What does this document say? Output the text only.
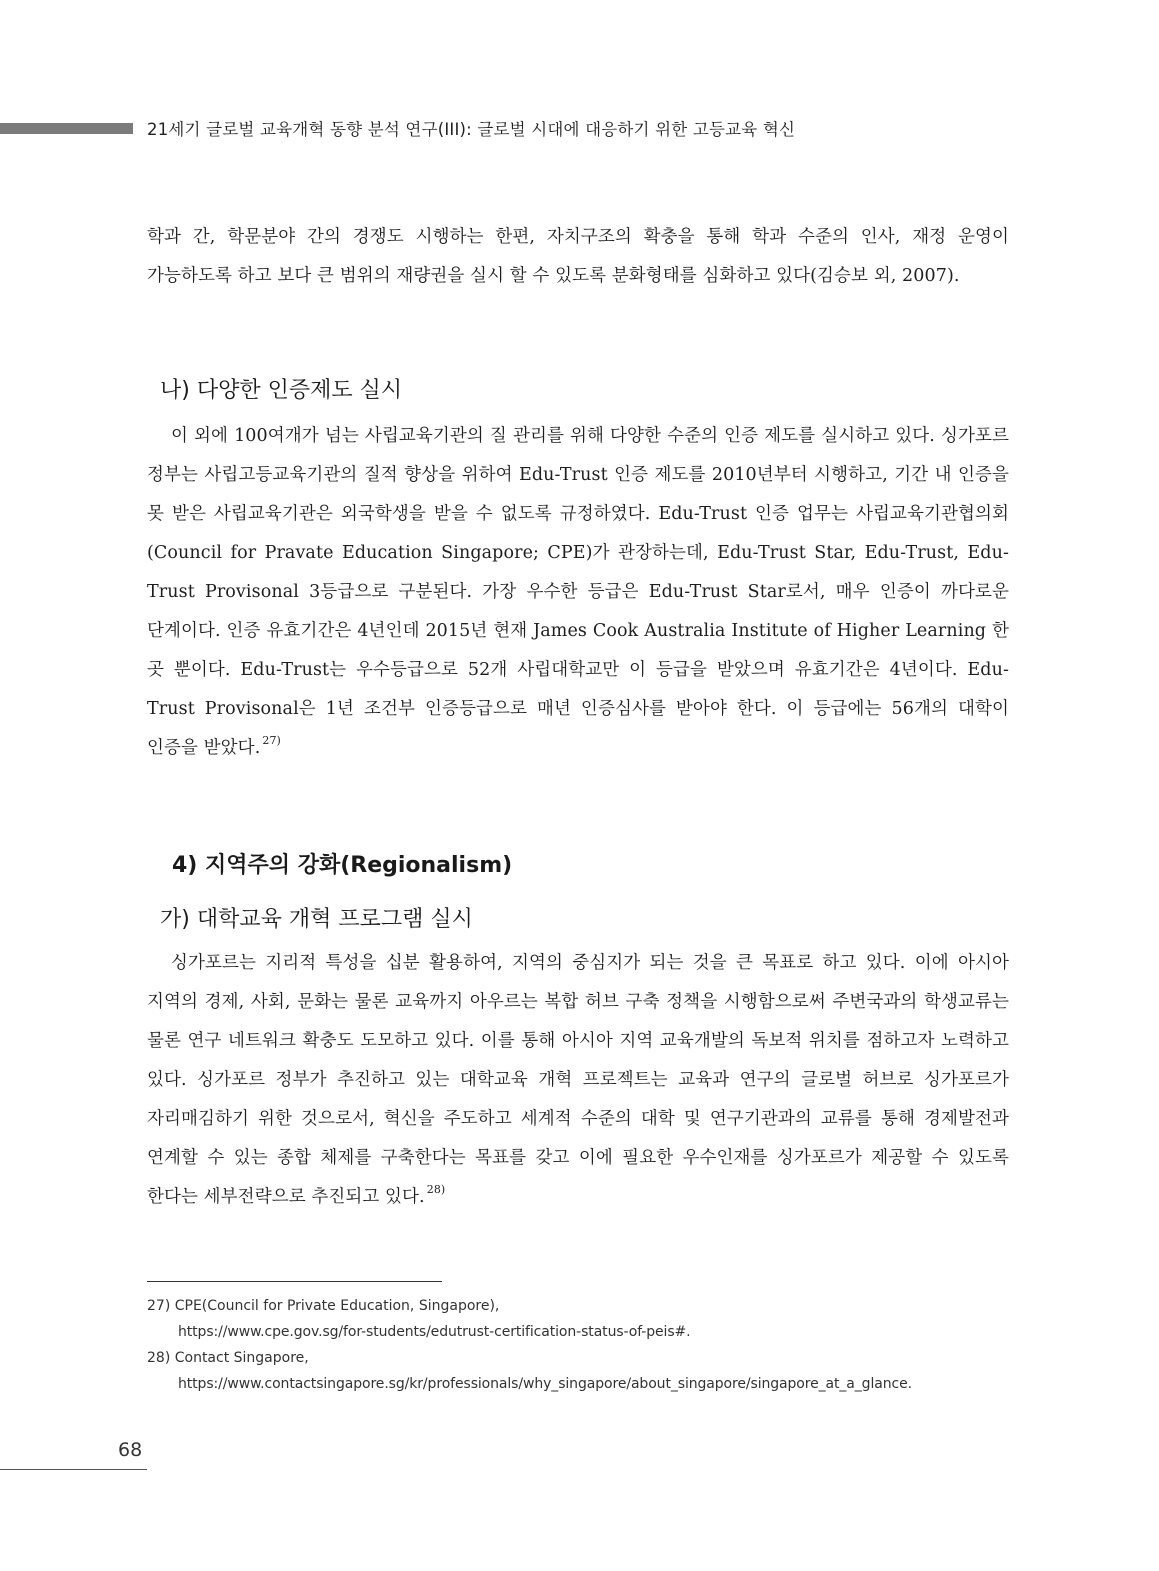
21세기 글로벌 교육개혁 동향 분석 연구(III): 글로벌 시대에 대응하기 위한 고등교육 혁신

학과 간, 학문분야 간의 경쟁도 시행하는 한편, 자치구조의 확충을 통해 학과 수준의 인사, 재정 운영이 가능하도록 하고 보다 큰 범위의 재량권을 실시 할 수 있도록 분화형태를 심화하고 있다(김승보 외, 2007).

나) 다양한 인증제도 실시

이 외에 100여개가 넘는 사립교육기관의 질 관리를 위해 다양한 수준의 인증 제도를 실시하고 있다. 싱가포르 정부는 사립고등교육기관의 질적 향상을 위하여 Edu-Trust 인증 제도를 2010년부터 시행하고, 기간 내 인증을 못 받은 사립교육기관은 외국학생을 받을 수 없도록 규정하였다. Edu-Trust 인증 업무는 사립교육기관협의회(Council for Pravate Education Singapore; CPE)가 관장하는데, Edu-Trust Star, Edu-Trust, Edu-Trust Provisonal 3등급으로 구분된다. 가장 우수한 등급은 Edu-Trust Star로서, 매우 인증이 까다로운 단계이다. 인증 유효기간은 4년인데 2015년 현재 James Cook Australia Institute of Higher Learning 한 곳 뿐이다. Edu-Trust는 우수등급으로 52개 사립대학교만 이 등급을 받았으며 유효기간은 4년이다. Edu-Trust Provisonal은 1년 조건부 인증등급으로 매년 인증심사를 받아야 한다. 이 등급에는 56개의 대학이 인증을 받았다. $^{27)}$

4) 지역주의 강화(Regionalism)
가) 대학교육 개혁 프로그램 실시

싱가포르는 지리적 특성을 십분 활용하여, 지역의 중심지가 되는 것을 큰 목표로 하고 있다. 이에 아시아 지역의 경제, 사회, 문화는 물론 교육까지 아우르는 복합 허브 구축 정책을 시행함으로써 주변국과의 학생교류는 물론 연구 네트워크 확충도 도모하고 있다. 이를 통해 아시아 지역 교육개발의 독보적 위치를 점하고자 노력하고 있다. 싱가포르 정부가 추진하고 있는 대학교육 개혁 프로젝트는 교육과 연구의 글로벌 허브로 싱가포르가 자리매김하기 위한 것으로서, 혁신을 주도하고 세계적 수준의 대학 및 연구기관과의 교류를 통해 경제발전과 연계할 수 있는 종합 체제를 구축한다는 목표를 갖고 이에 필요한 우수인재를 싱가포르가 제공할 수 있도록 한다는 세부전략으로 추진되고 있다. $^{28)}$

27) CPE(Council for Private Education, Singapore),
https://www.cpe.gov.sg/for-students/edutrust-certification-status-of-peis#.
28) Contact Singapore,
https://www.contactsingapore.sg/kr/professionals/why_singapore/about_singapore/singapore_at_a_glance.
68
